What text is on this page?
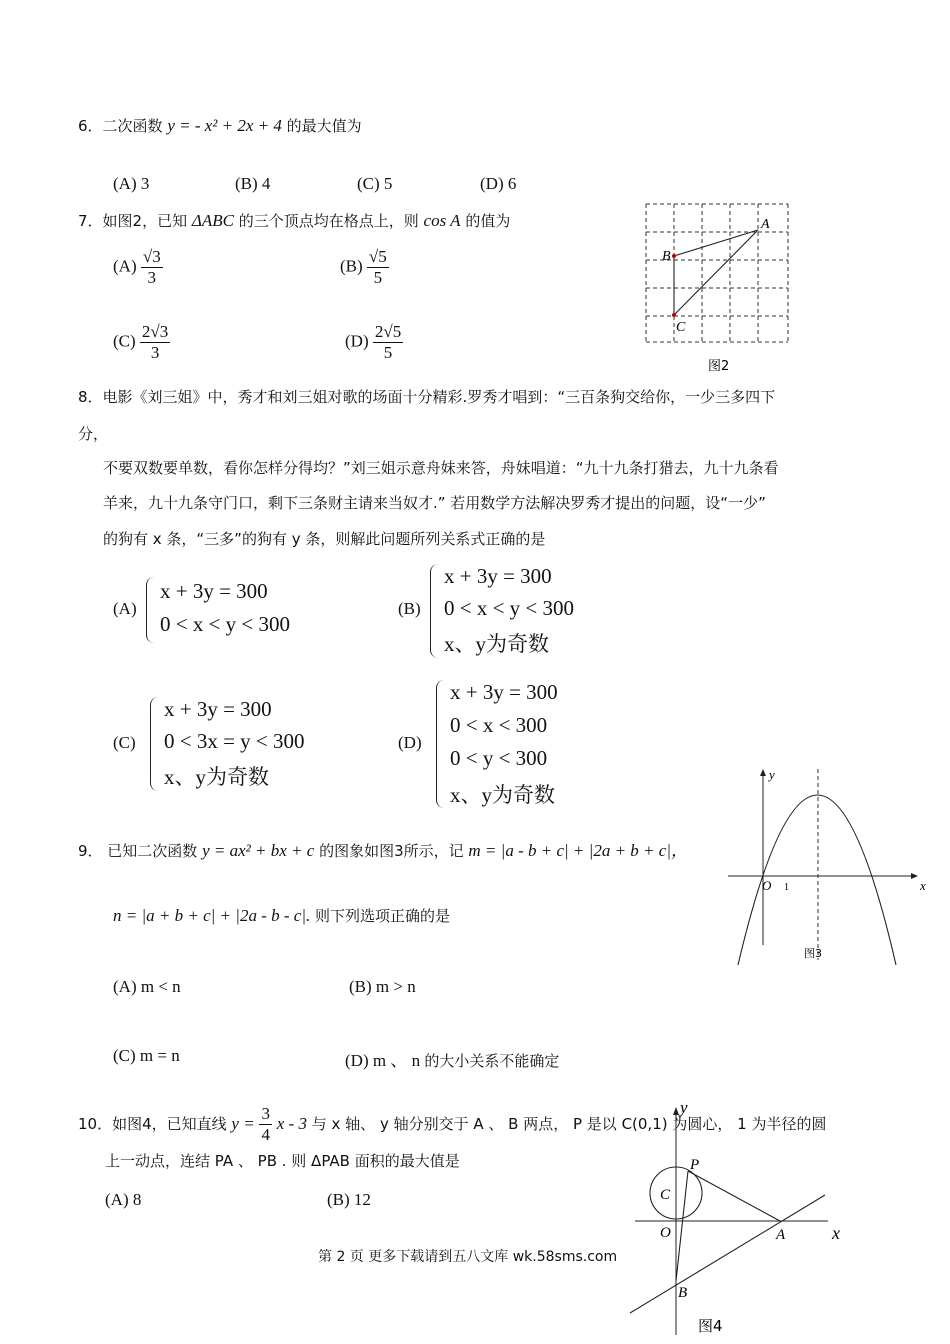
6．二次函数 y = - x² + 2x + 4 的最大值为
(A) 3	(B) 4	(C) 5	(D) 6
7．如图2，已知 ΔABC 的三个顶点均在格点上，则 cos A 的值为
$(A) \frac{√3}{3}$	$(B) \frac{√5}{5}$
$(C) \frac{2√3}{3}$	$(D) \frac{2√5}{5}$
A
B
C
图2
8．电影《刘三姐》中，秀才和刘三姐对歌的场面十分精彩.罗秀才唱到：“三百条狗交给你，一少三多四下
分，
不要双数要单数，看你怎样分得均？”刘三姐示意舟妹来答，舟妹唱道：“九十九条打猎去，九十九条看
羊来，九十九条守门口，剩下三条财主请来当奴才.” 若用数学方法解决罗秀才提出的问题，设“一少”
的狗有 x 条，“三多”的狗有 y 条，则解此问题所列关系式正确的是
(A)
x + 3y = 300
0 < x < y < 300
(B)
x + 3y = 300
0 < x < y < 300
x、y为奇数
(C)
x + 3y = 300
0 < 3x = y < 300
x、y为奇数
(D)
x + 3y = 300
0 < x < 300
0 < y < 300
x、y为奇数
9． 已知二次函数 y = ax² + bx + c 的图象如图3所示，记 m = |a - b + c| + |2a + b + c|，
n = |a + b + c| + |2a - b - c|. 则下列选项正确的是
(A) m < n	(B) m > n
(C) m = n	(D) m 、 n 的大小关系不能确定
x
y
O 1
图3
10．如图4，已知直线 $y = \frac{3}{4}$ x - 3 与 x 轴、 y 轴分别交于 A 、 B 两点， P 是以 C(0,1) 为圆心， 1 为半径的圆
上一动点，连结 PA 、 PB . 则 ΔPAB 面积的最大值是
(A) 8	(B) 12
y
P
C
O	A	x
B
图4
第 2 页 更多下载请到五八文库 wk.58sms.com
